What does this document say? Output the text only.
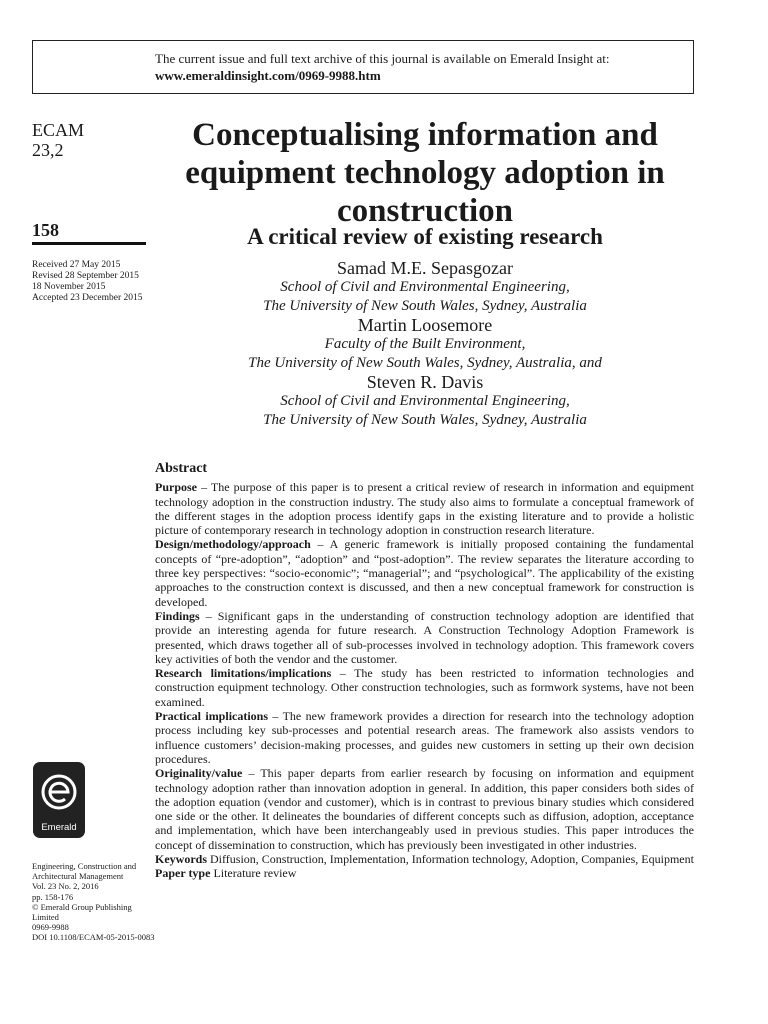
The current issue and full text archive of this journal is available on Emerald Insight at:
www.emeraldinsight.com/0969-9988.htm
ECAM
23,2
158
Received 27 May 2015
Revised 28 September 2015
18 November 2015
Accepted 23 December 2015
Conceptualising information and equipment technology adoption in construction
A critical review of existing research
Samad M.E. Sepasgozar
School of Civil and Environmental Engineering,
The University of New South Wales, Sydney, Australia
Martin Loosemore
Faculty of the Built Environment,
The University of New South Wales, Sydney, Australia, and
Steven R. Davis
School of Civil and Environmental Engineering,
The University of New South Wales, Sydney, Australia
Abstract

Purpose – The purpose of this paper is to present a critical review of research in information and equipment technology adoption in the construction industry. The study also aims to formulate a conceptual framework of the different stages in the adoption process identify gaps in the existing literature and to provide a holistic picture of contemporary research in technology adoption in construction research literature.

Design/methodology/approach – A generic framework is initially proposed containing the fundamental concepts of “pre-adoption”, “adoption” and “post-adoption”. The review separates the literature according to three key perspectives: “socio-economic”; “managerial”; and “psychological”. The applicability of the existing approaches to the construction context is discussed, and then a new conceptual framework for construction is developed.

Findings – Significant gaps in the understanding of construction technology adoption are identified that provide an interesting agenda for future research. A Construction Technology Adoption Framework is presented, which draws together all of sub-processes involved in technology adoption. This framework covers key activities of both the vendor and the customer.

Research limitations/implications – The study has been restricted to information technologies and construction equipment technology. Other construction technologies, such as formwork systems, have not been examined.

Practical implications – The new framework provides a direction for research into the technology adoption process including key sub-processes and potential research areas. The framework also assists vendors to influence customers’ decision-making processes, and guides new customers in setting up their own decision procedures.

Originality/value – This paper departs from earlier research by focusing on information and equipment technology adoption rather than innovation adoption in general. In addition, this paper considers both sides of the adoption equation (vendor and customer), which is in contrast to previous binary studies which considered one side or the other. It delineates the boundaries of different concepts such as diffusion, adoption, acceptance and implementation, which have been interchangeably used in previous studies. This paper introduces the concept of dissemination to construction, which has previously been investigated in other industries.

Keywords Diffusion, Construction, Implementation, Information technology, Adoption, Companies, Equipment

Paper type Literature review

Emerald
Engineering, Construction and
Architectural Management
Vol. 23 No. 2, 2016
pp. 158-176
© Emerald Group Publishing Limited
0969-9988
DOI 10.1108/ECAM-05-2015-0083
